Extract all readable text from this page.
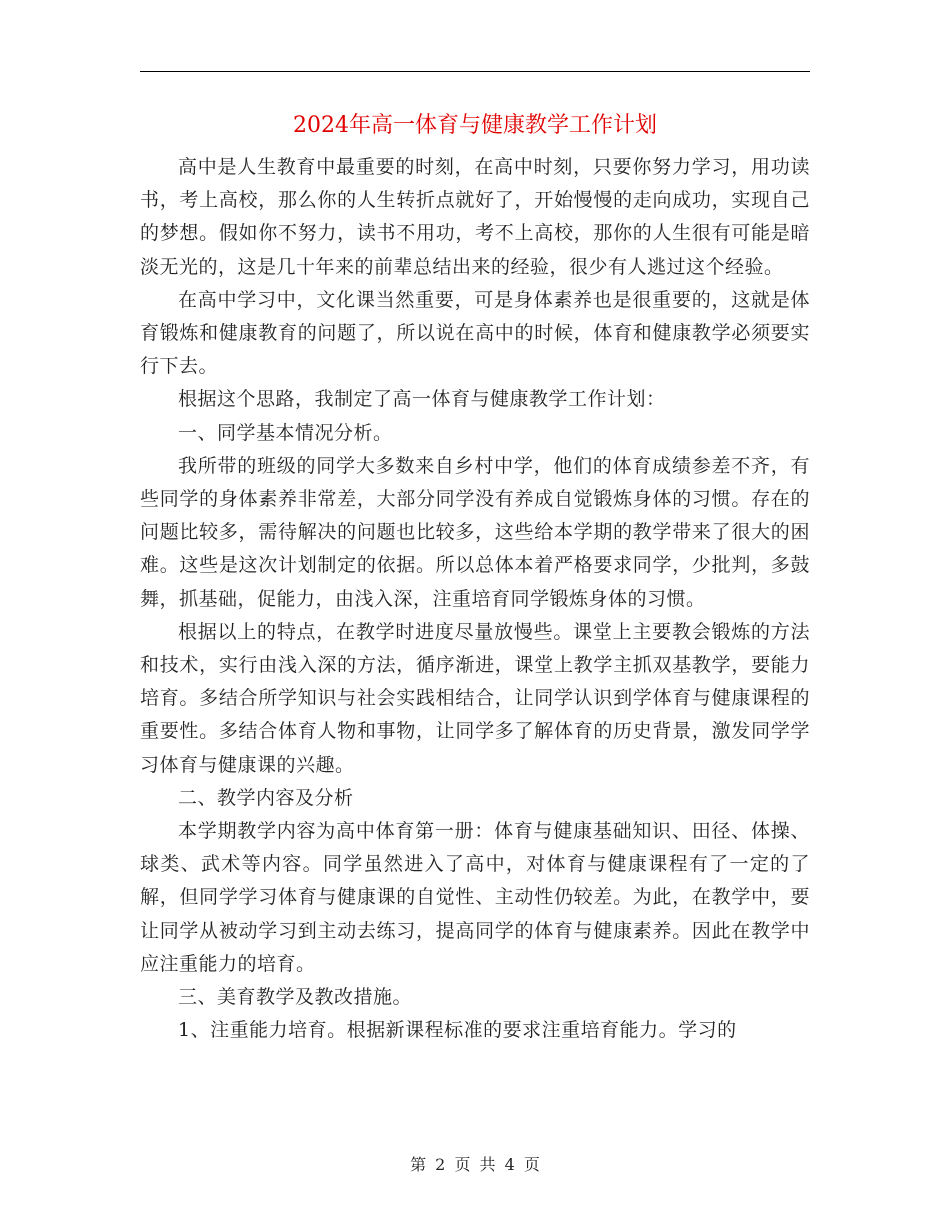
2024年高一体育与健康教学工作计划

高中是人生教育中最重要的时刻，在高中时刻，只要你努力学习，用功读书，考上高校，那么你的人生转折点就好了，开始慢慢的走向成功，实现自己的梦想。假如你不努力，读书不用功，考不上高校，那你的人生很有可能是暗淡无光的，这是几十年来的前辈总结出来的经验，很少有人逃过这个经验。

在高中学习中，文化课当然重要，可是身体素养也是很重要的，这就是体育锻炼和健康教育的问题了，所以说在高中的时候，体育和健康教学必须要实行下去。

根据这个思路，我制定了高一体育与健康教学工作计划：

一、同学基本情况分析。

我所带的班级的同学大多数来自乡村中学，他们的体育成绩参差不齐，有些同学的身体素养非常差，大部分同学没有养成自觉锻炼身体的习惯。存在的问题比较多，需待解决的问题也比较多，这些给本学期的教学带来了很大的困难。这些是这次计划制定的依据。所以总体本着严格要求同学，少批判，多鼓舞，抓基础，促能力，由浅入深，注重培育同学锻炼身体的习惯。

根据以上的特点，在教学时进度尽量放慢些。课堂上主要教会锻炼的方法和技术，实行由浅入深的方法，循序渐进，课堂上教学主抓双基教学，要能力培育。多结合所学知识与社会实践相结合，让同学认识到学体育与健康课程的重要性。多结合体育人物和事物，让同学多了解体育的历史背景，激发同学学习体育与健康课的兴趣。

二、教学内容及分析

本学期教学内容为高中体育第一册：体育与健康基础知识、田径、体操、球类、武术等内容。同学虽然进入了高中，对体育与健康课程有了一定的了解，但同学学习体育与健康课的自觉性、主动性仍较差。为此，在教学中，要让同学从被动学习到主动去练习，提高同学的体育与健康素养。因此在教学中应注重能力的培育。

三、美育教学及教改措施。

1、注重能力培育。根据新课程标准的要求注重培育能力。学习的

第 2 页 共 4 页
